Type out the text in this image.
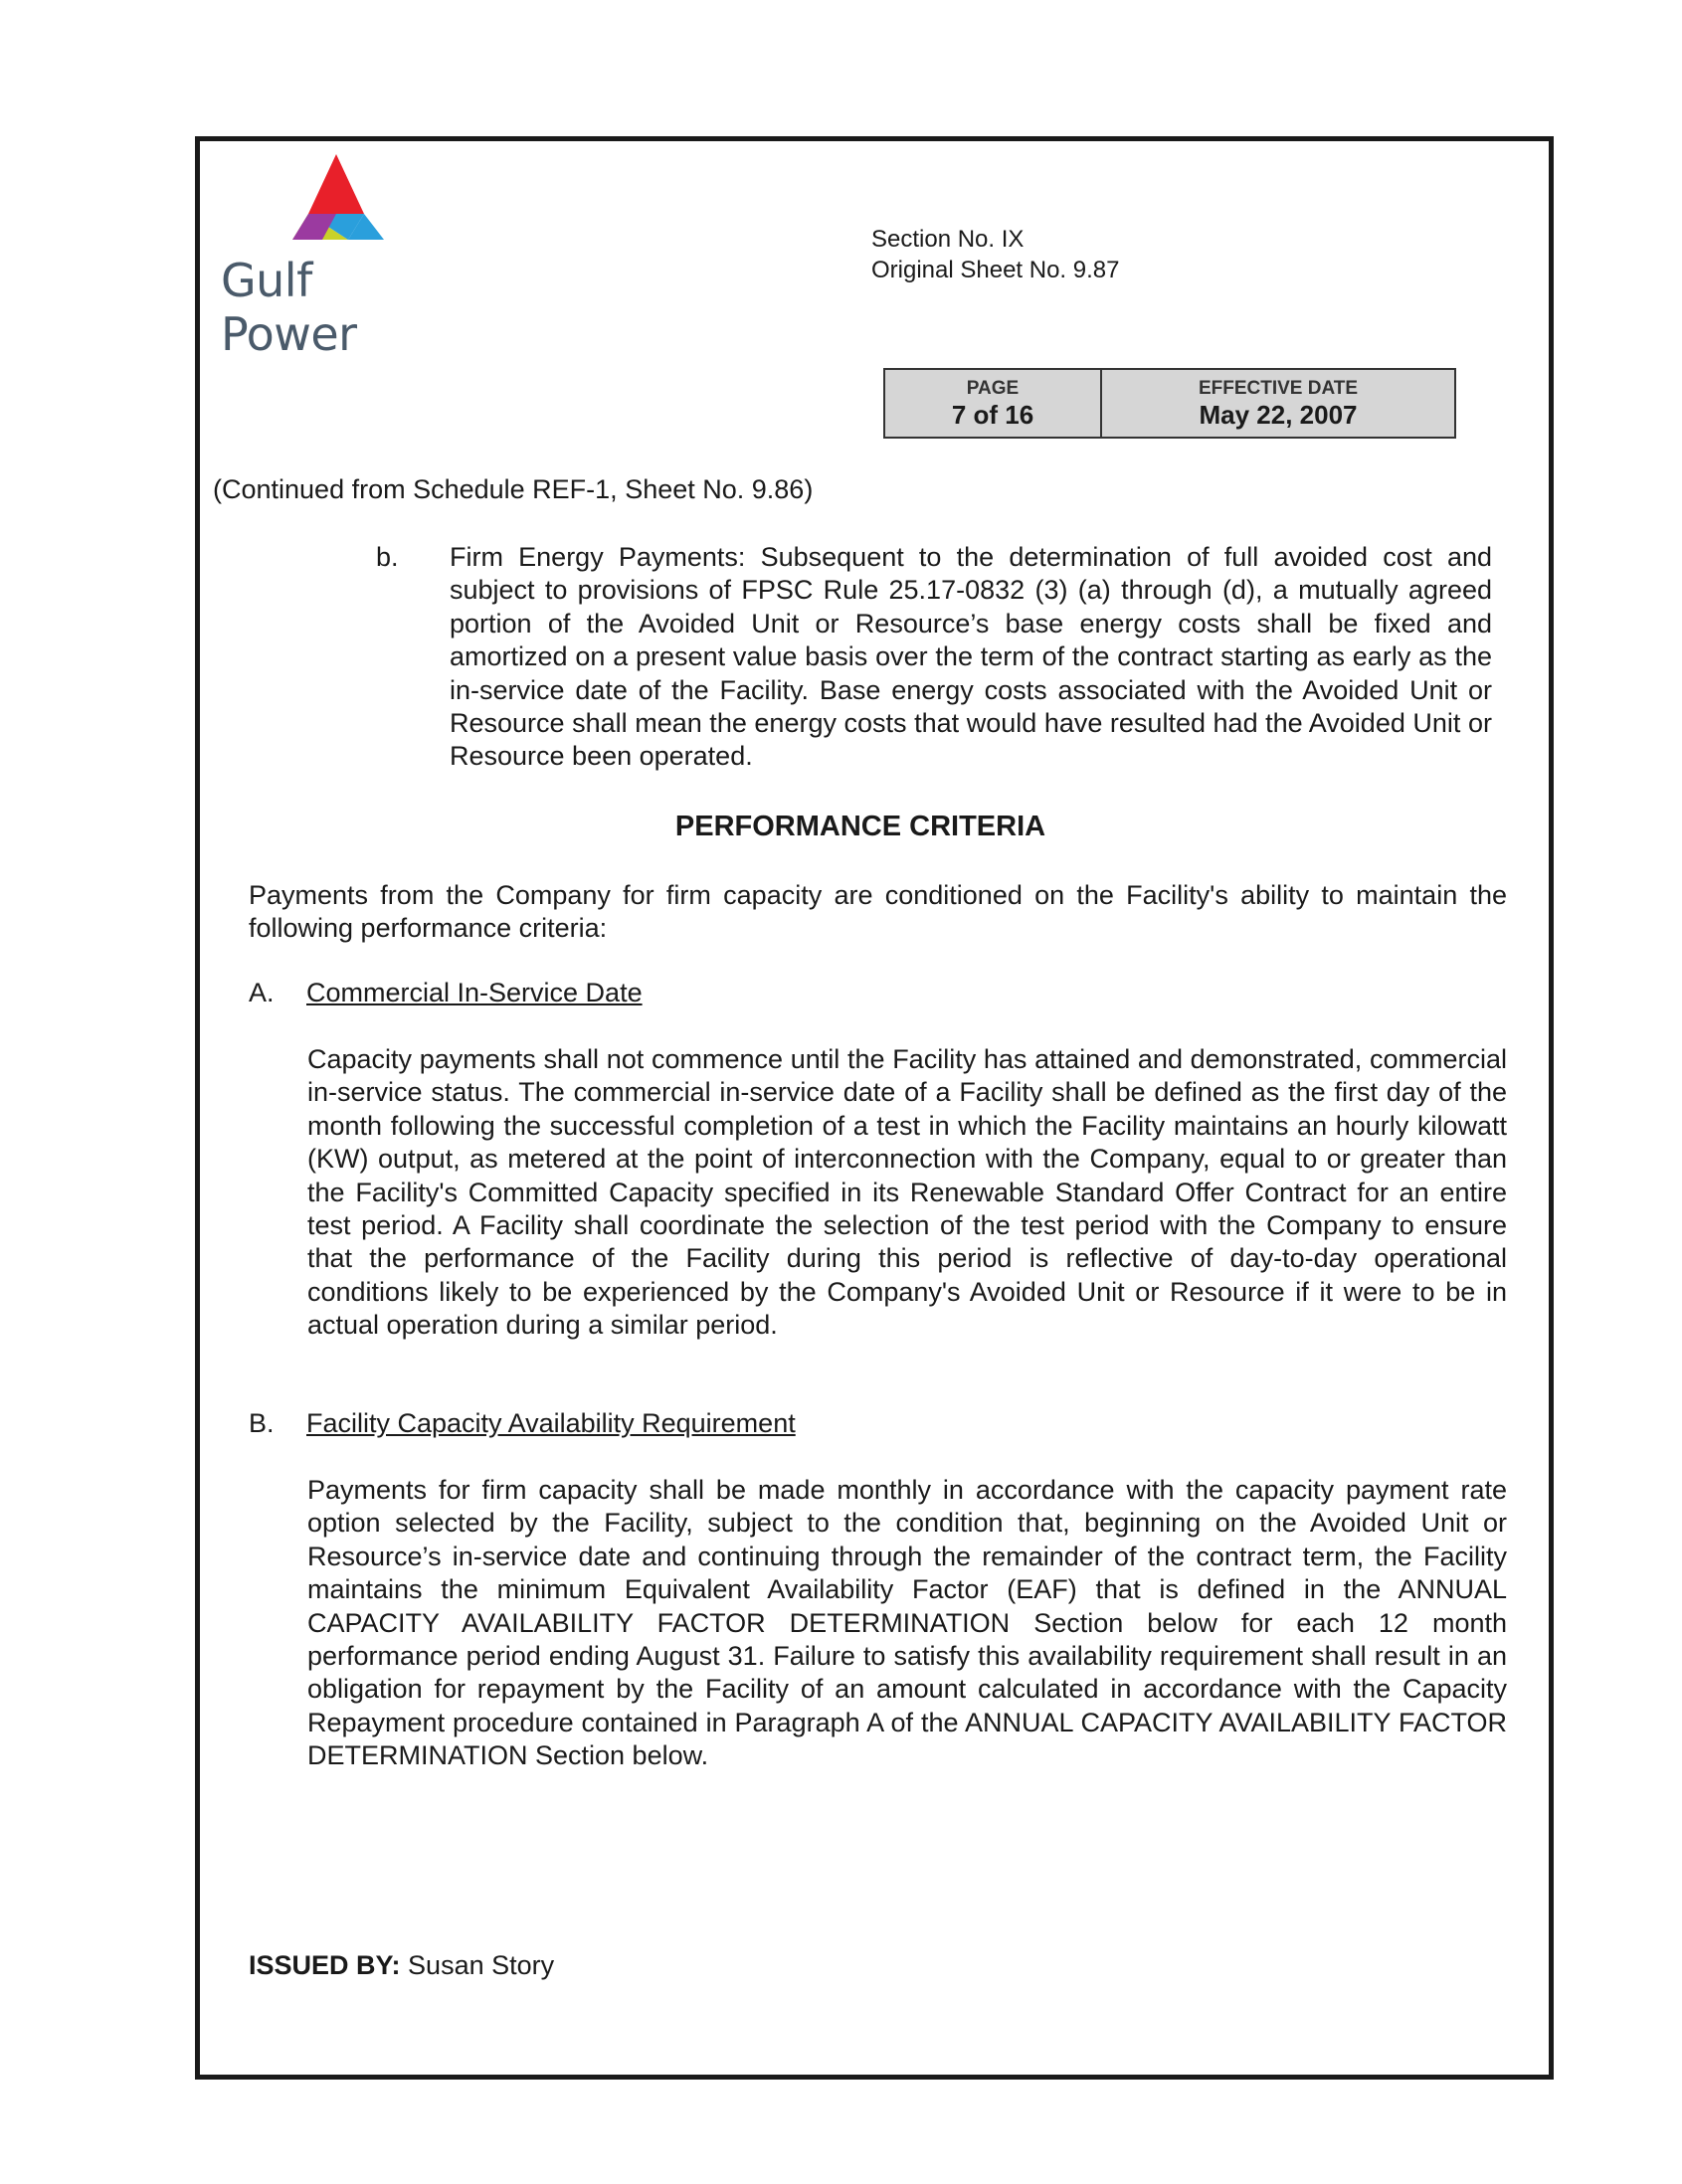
Gulf Power
Section No. IX
Original Sheet No. 9.87
PAGE
7 of 16
EFFECTIVE DATE
May 22, 2007
(Continued from Schedule REF-1, Sheet No. 9.86)
b. Firm Energy Payments: Subsequent to the determination of full avoided cost and subject to provisions of FPSC Rule 25.17-0832 (3) (a) through (d), a mutually agreed portion of the Avoided Unit or Resource’s base energy costs shall be fixed and amortized on a present value basis over the term of the contract starting as early as the in-service date of the Facility. Base energy costs associated with the Avoided Unit or Resource shall mean the energy costs that would have resulted had the Avoided Unit or Resource been operated.
PERFORMANCE CRITERIA
Payments from the Company for firm capacity are conditioned on the Facility's ability to maintain the following performance criteria:
A. Commercial In-Service Date
Capacity payments shall not commence until the Facility has attained and demonstrated, commercial in-service status. The commercial in-service date of a Facility shall be defined as the first day of the month following the successful completion of a test in which the Facility maintains an hourly kilowatt (KW) output, as metered at the point of interconnection with the Company, equal to or greater than the Facility's Committed Capacity specified in its Renewable Standard Offer Contract for an entire test period. A Facility shall coordinate the selection of the test period with the Company to ensure that the performance of the Facility during this period is reflective of day-to-day operational conditions likely to be experienced by the Company's Avoided Unit or Resource if it were to be in actual operation during a similar period.
B. Facility Capacity Availability Requirement
Payments for firm capacity shall be made monthly in accordance with the capacity payment rate option selected by the Facility, subject to the condition that, beginning on the Avoided Unit or Resource’s in-service date and continuing through the remainder of the contract term, the Facility maintains the minimum Equivalent Availability Factor (EAF) that is defined in the ANNUAL CAPACITY AVAILABILITY FACTOR DETERMINATION Section below for each 12 month performance period ending August 31. Failure to satisfy this availability requirement shall result in an obligation for repayment by the Facility of an amount calculated in accordance with the Capacity Repayment procedure contained in Paragraph A of the ANNUAL CAPACITY AVAILABILITY FACTOR DETERMINATION Section below.
ISSUED BY: Susan Story
